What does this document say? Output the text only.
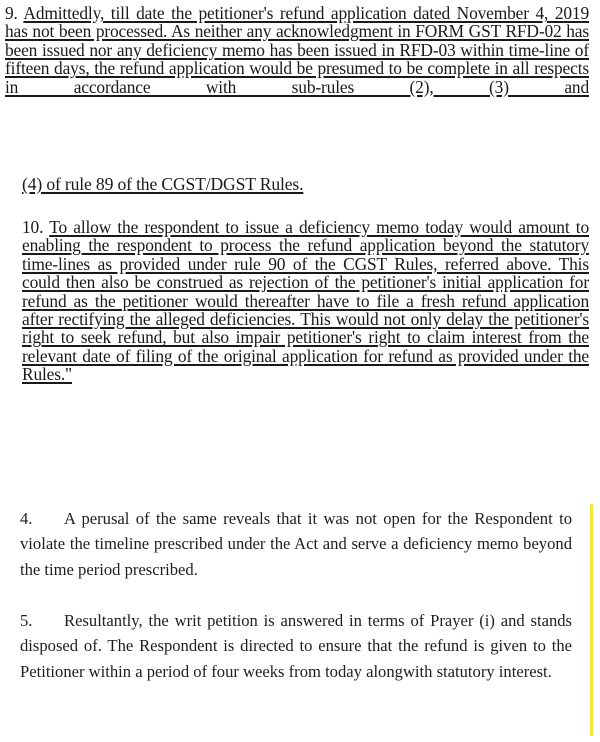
9. Admittedly, till date the petitioner's refund application dated November 4, 2019 has not been processed. As neither any acknowledgment in FORM GST RFD-02 has been issued nor any deficiency memo has been issued in RFD-03 within time-line of fifteen days, the refund application would be presumed to be complete in all respects in accordance with sub-rules (2), (3) and

(4) of rule 89 of the CGST/DGST Rules.

10. To allow the respondent to issue a deficiency memo today would amount to enabling the respondent to process the refund application beyond the statutory time-lines as provided under rule 90 of the CGST Rules, referred above. This could then also be construed as rejection of the petitioner's initial application for refund as the petitioner would thereafter have to file a fresh refund application after rectifying the alleged deficiencies. This would not only delay the petitioner's right to seek refund, but also impair petitioner's right to claim interest from the relevant date of filing of the original application for refund as provided under the Rules."

4. A perusal of the same reveals that it was not open for the Respondent to violate the timeline prescribed under the Act and serve a deficiency memo beyond the time period prescribed.

5. Resultantly, the writ petition is answered in terms of Prayer (i) and stands disposed of. The Respondent is directed to ensure that the refund is given to the Petitioner within a period of four weeks from today alongwith statutory interest.
